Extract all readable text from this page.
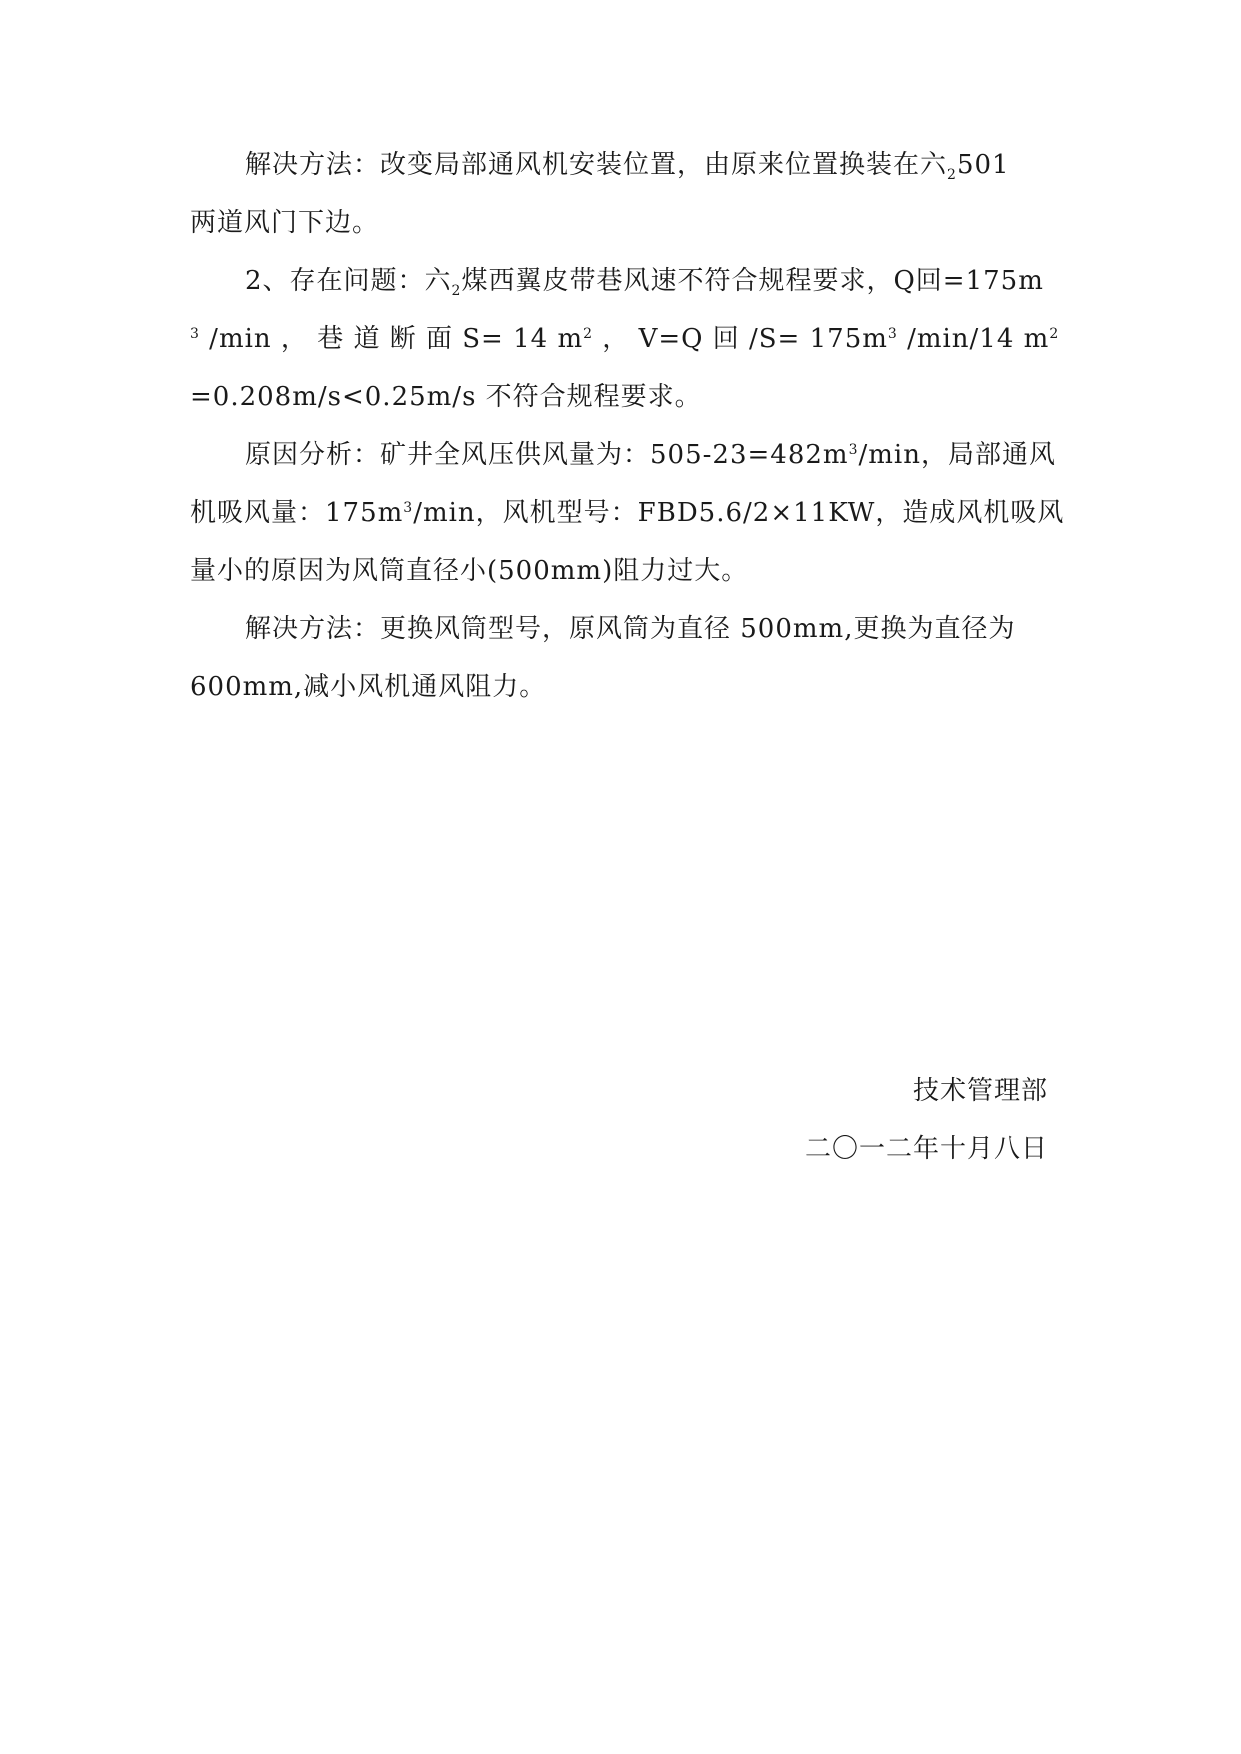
解决方法：改变局部通风机安装位置，由原来位置换装在六$_2$501
两道风门下边。
2、存在问题：六$_2$煤西翼皮带巷风速不符合规程要求，Q回=175m
$^3$ /min ， 巷 道 断 面 S= 14 $m^2$ ， V=Q 回 $/S= 175m^3$ /min/14 $m^2$
=0.208m/s<0.25m/s 不符合规程要求。
原因分析：矿井全风压供风量为：$505-23=482m^3/\min$，局部通风
机吸风量：$175m^3/\min$，风机型号：FBD5.6/2×11KW，造成风机吸风
量小的原因为风筒直径小(500mm)阻力过大。
解决方法：更换风筒型号，原风筒为直径 500mm,更换为直径为
600mm,减小风机通风阻力。
技术管理部
二〇一二年十月八日
